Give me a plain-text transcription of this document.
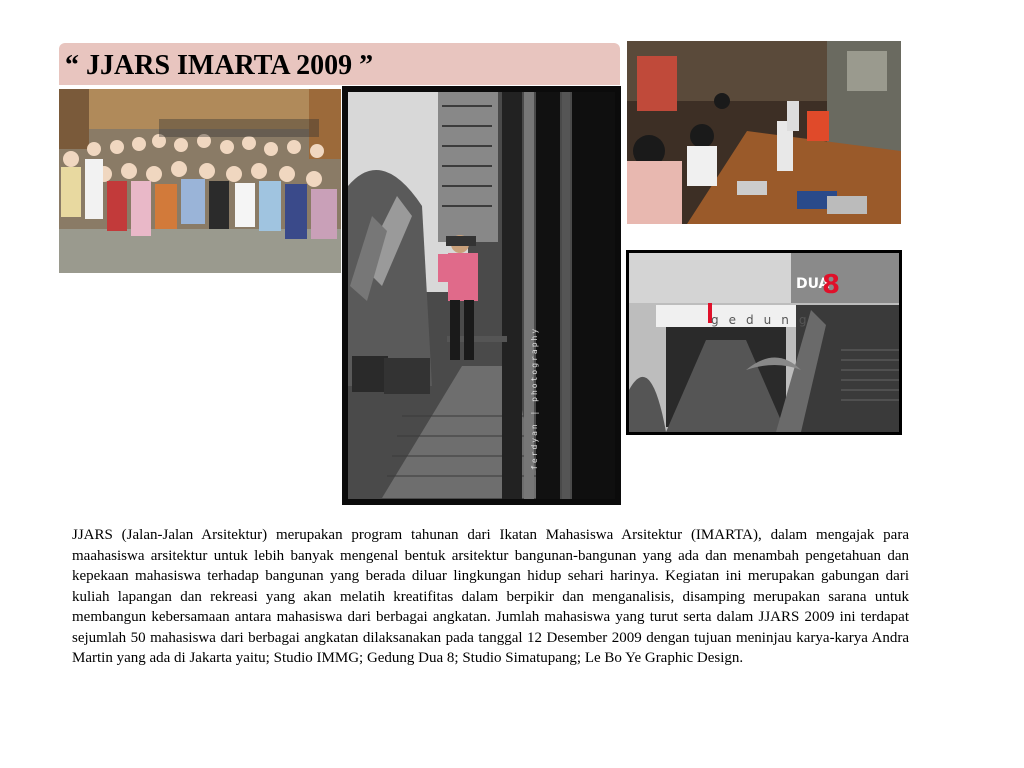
“ JJARS IMARTA 2009 ”
ferdyan | photography
DUA
8
gedung

JJARS (Jalan-Jalan Arsitektur) merupakan program tahunan dari Ikatan Mahasiswa Arsitektur (IMARTA), dalam mengajak para maahasiswa arsitektur untuk lebih banyak mengenal bentuk arsitektur bangunan-bangunan yang ada dan menambah pengetahuan dan kepekaan mahasiswa terhadap bangunan yang berada diluar lingkungan hidup sehari harinya. Kegiatan ini merupakan gabungan dari kuliah lapangan dan rekreasi yang akan melatih kreatifitas dalam berpikir dan menganalisis, disamping merupakan sarana untuk membangun kebersamaan antara mahasiswa dari berbagai angkatan. Jumlah mahasiswa yang turut serta dalam JJARS 2009 ini terdapat sejumlah 50 mahasiswa dari berbagai angkatan dilaksanakan pada tanggal 12 Desember 2009 dengan tujuan meninjau karya-karya Andra Martin yang ada di Jakarta yaitu; Studio IMMG; Gedung Dua 8; Studio Simatupang; Le Bo Ye Graphic Design.
